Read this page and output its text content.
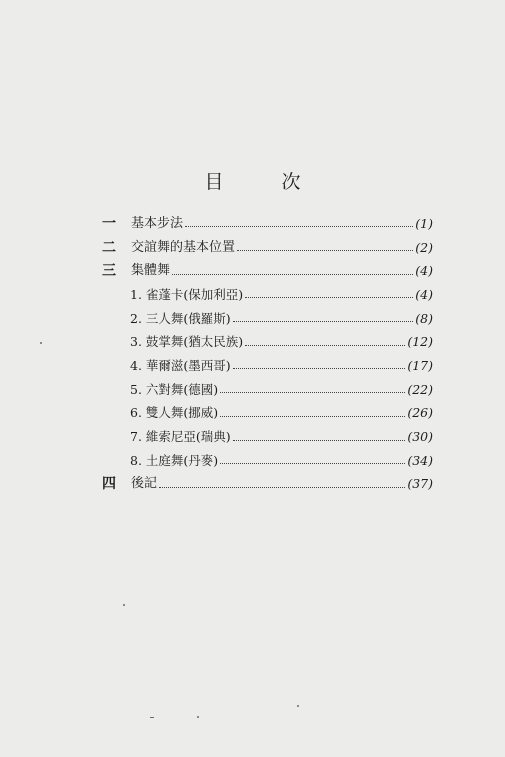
目 次
一	基本步法	(1)
二	交誼舞的基本位置	(2)
三	集體舞	(4)
1. 雀蓬卡(保加利亞)	(4)
2. 三人舞(俄羅斯)	(8)
3. 鼓掌舞(猶太民族)	(12)
4. 華爾滋(墨西哥)	(17)
5. 六對舞(德國)	(22)
6. 雙人舞(挪威)	(26)
7. 維索尼亞(瑞典)	(30)
8. 土庭舞(丹麥)	(34)
四	後記	(37)
